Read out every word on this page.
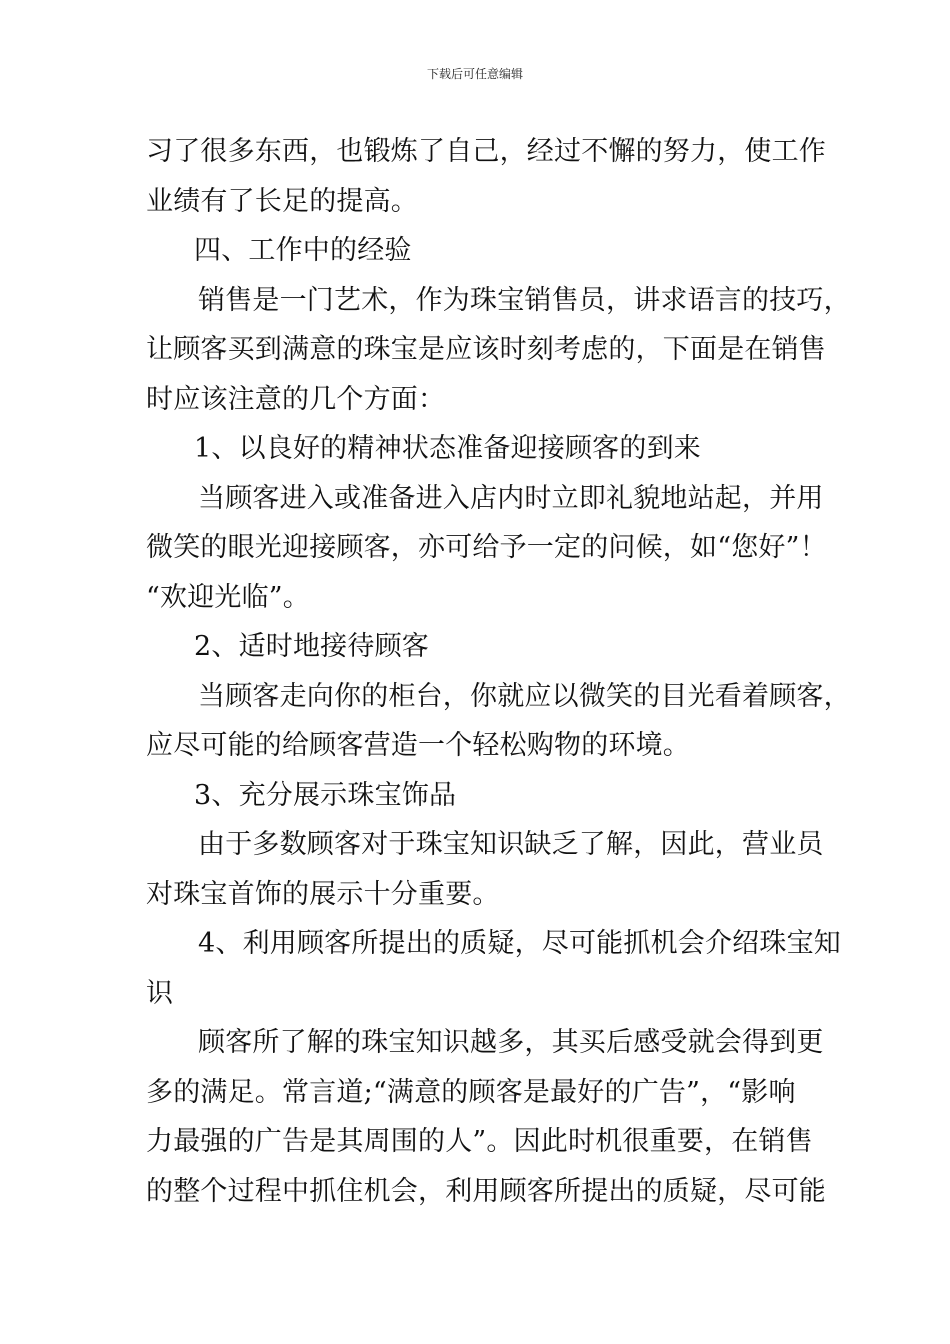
下载后可任意编辑
习了很多东西，也锻炼了自己，经过不懈的努力，使工作
业绩有了长足的提高。
四、工作中的经验
销售是一门艺术，作为珠宝销售员，讲求语言的技巧，
让顾客买到满意的珠宝是应该时刻考虑的，下面是在销售
时应该注意的几个方面：
1、以良好的精神状态准备迎接顾客的到来
当顾客进入或准备进入店内时立即礼貌地站起，并用
微笑的眼光迎接顾客，亦可给予一定的问候，如“您好”！
“欢迎光临”。
2、适时地接待顾客
当顾客走向你的柜台，你就应以微笑的目光看着顾客，
应尽可能的给顾客营造一个轻松购物的环境。
3、充分展示珠宝饰品
由于多数顾客对于珠宝知识缺乏了解，因此，营业员
对珠宝首饰的展示十分重要。
4、利用顾客所提出的质疑，尽可能抓机会介绍珠宝知
识
顾客所了解的珠宝知识越多，其买后感受就会得到更
多的满足。常言道;“满意的顾客是最好的广告”，“影响
力最强的广告是其周围的人”。因此时机很重要，在销售
的整个过程中抓住机会，利用顾客所提出的质疑，尽可能
